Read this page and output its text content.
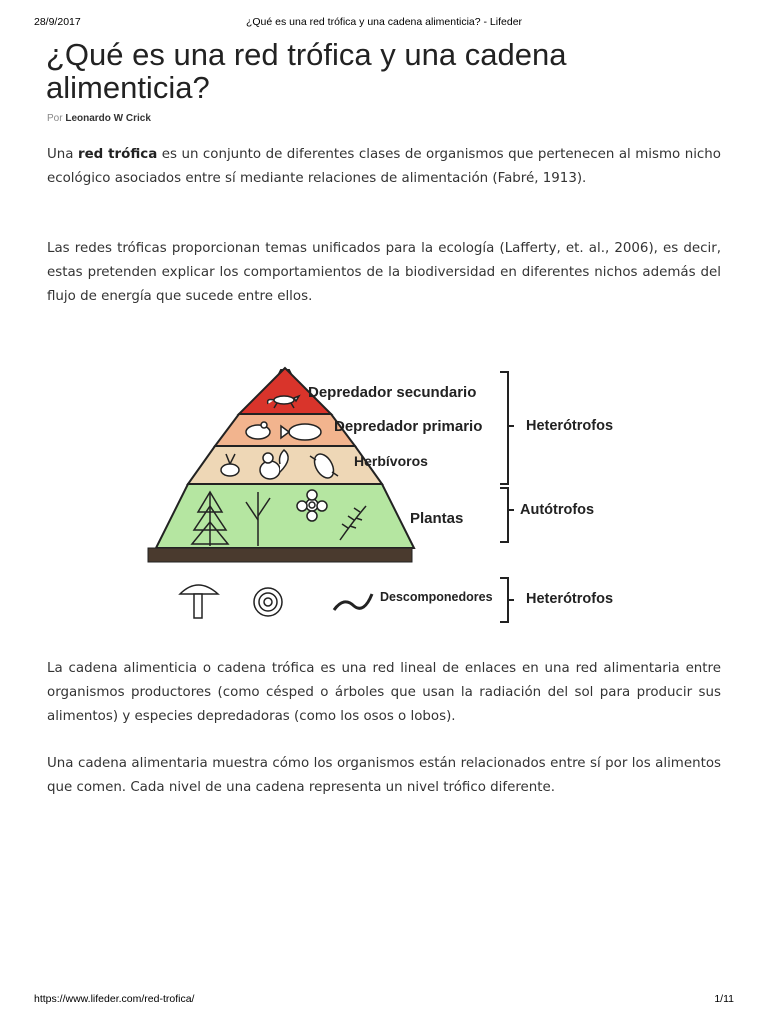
28/9/2017	¿Qué es una red trófica y una cadena alimenticia? - Lifeder
¿Qué es una red trófica y una cadena alimenticia?
Por Leonardo W Crick

Una red trófica es un conjunto de diferentes clases de organismos que pertenecen al mismo nicho ecológico asociados entre sí mediante relaciones de alimentación (Fabré, 1913).

Las redes tróficas proporcionan temas unificados para la ecología (Lafferty, et. al., 2006), es decir, estas pretenden explicar los comportamientos de la biodiversidad en diferentes nichos además del flujo de energía que sucede entre ellos.

Depredador secundario
Depredador primario
Herbívoros
Plantas
Descomponedores
Heterótrofos
Autótrofos
Heterótrofos

La cadena alimenticia o cadena trófica es una red lineal de enlaces en una red alimentaria entre organismos productores (como césped o árboles que usan la radiación del sol para producir sus alimentos) y especies depredadoras (como los osos o lobos).

Una cadena alimentaria muestra cómo los organismos están relacionados entre sí por los alimentos que comen. Cada nivel de una cadena representa un nivel trófico diferente.

https://www.lifeder.com/red-trofica/	1/11
